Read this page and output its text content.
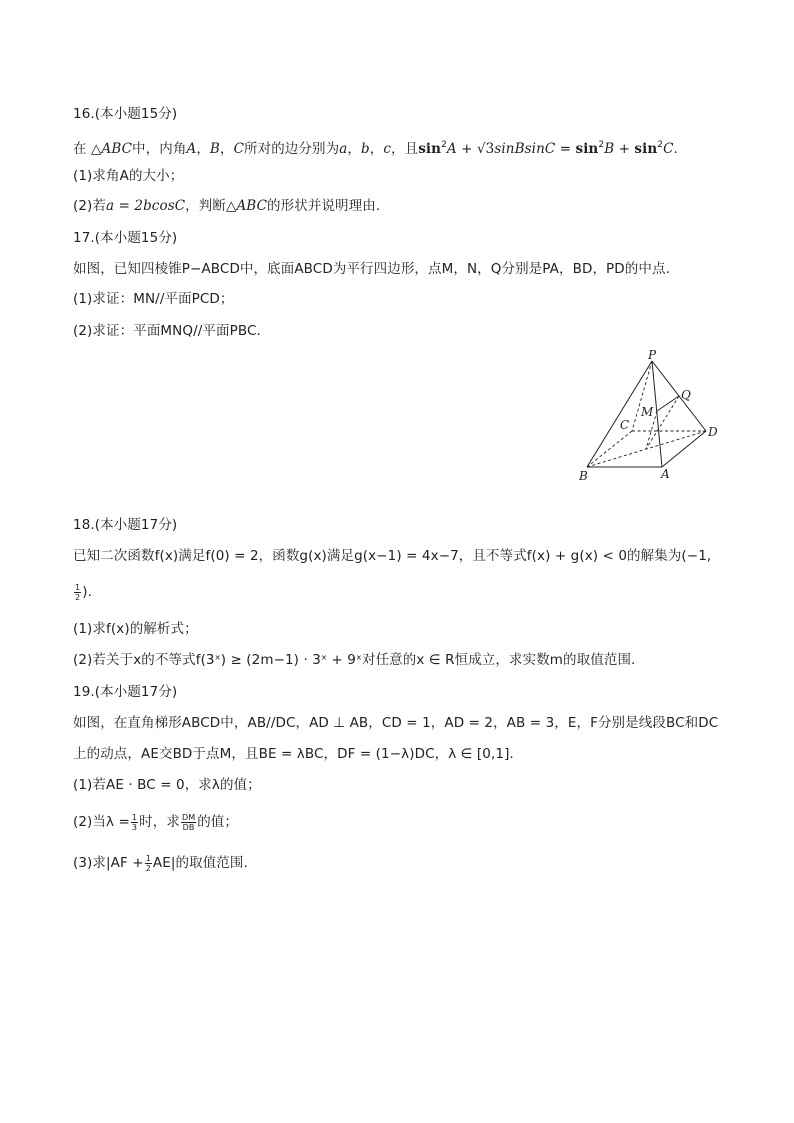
16.(本小题15分)
在 △ABC中，内角A，B，C所对的边分别为a，b，c，且$\sin^2A$ + √3sinBsinC = $\sin^2B + \sin^2C$.
(1)求角A的大小；
(2)若a = 2bcosC，判断△ABC的形状并说明理由.
17.(本小题15分)
如图，已知四棱锥P−ABCD中，底面ABCD为平行四边形，点M，N，Q分别是PA，BD，PD的中点.
(1)求证：MN//平面PCD；
(2)求证：平面MNQ//平面PBC.
P
Q
M
C	D
B	A
18.(本小题17分)
已知二次函数f(x)满足f(0) = 2，函数g(x)满足g(x−1) = 4x−7，且不等式f(x) + g(x) < 0的解集为(−1,
$\frac{1}{2}$ ).
(1)求f(x)的解析式；
(2)若关于x的不等式f(3ˣ) ≥ (2m−1) · 3ˣ + 9ˣ对任意的x ∈ R恒成立，求实数m的取值范围.
19.(本小题17分)
如图，在直角梯形ABCD中，AB//DC，AD ⊥ AB，CD = 1，AD = 2，AB = 3，E，F分别是线段BC和DC
上的动点，AE交BD于点M，且BE = λBC，DF = (1−λ)DC，λ ∈ [0,1].
(1)若AE · BC = 0，求λ的值；
(2)当$\lambda = \frac{1}{3}$ 时，求 $\frac{DM}{DB}$ 的值；
(3)求$|AF + \frac{1}{2} AE|$的取值范围.
